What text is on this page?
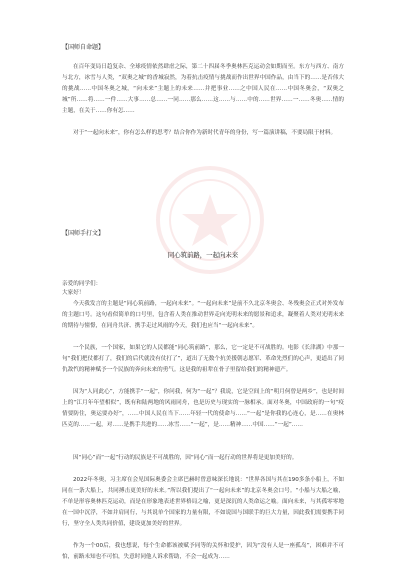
【国师自命题】

在百年变局日趋复杂、全球疫情依然肆虐之际，第二十四届冬季奥林匹克运动会如期而至。东方与西方、南方与北方，冰雪与人类，“双奥之城”的香城寂然，为着抗击疫情与挑战而作出世界中国作品，由当下的……是否伟大的挑战……中国冬奥之城，“向未来”主题上的未来……并把事业……之中国人民在……中国冬奥会，“双奥之城”所……将……一件……大事……总……一同……那么……这……与……中的……世界……一……冬奥……情的主题，在关于……你有怎……

对于“一起向未来”，你有怎么样的思考？结合你作为新时代青年的身份，写一篇演讲稿，不要局限于材料。

【国师手打文】
同心筑前路，一起向未来
亲爱的同学们：
大家好！

今天我发言的主题是“同心筑前路，一起向未来”。“一起向未来”是前不久北京冬奥会、冬残奥会正式对外发布的主题口号。这句看似简单的口号里，包含着人类在推动世界走向光明未来的愿景和追求，凝聚着人类对光明未来的期待与憧憬，在同舟共济、携手走过风雨的今天，我们也应当“一起向未来”。

一个民族，一个国家，如果它的人民都能“同心筑前路”，那么，它一定是不可战胜的。电影《长津湖》中那一句“我们把仗都打了，我们的后代就没有仗打了”，道出了无数个抗美援朝志愿军、革命先烈们的心声，更道出了同仇敌忾的精神赋予一个民族的奔向未来的勇气。这是我的祖辈在骨子里留给我们的精神遗产。

因为“人同此心”，方能携手“一起”，你问我，何为“一起”？我说，它是空间上的“明月何曾是两乡”，也是时间上的“江月年年望相似”，既有和陆两地的风雨同舟，也是历史与现实的一脉相承。面对冬奥，中国政府的一句“疫情要防住，奥运要办好”，……中国人民在当下……年轻一代的使命与……“一起”是你我的心连心，是……在奥林匹克的……一起，对……是携手共进的……冰雪……“一起”，是……精神……中国……“一起”……

因“同心”而“一起”行动的民族是不可战胜的，因“同心”而一起行动的世界将是更加美好的。

2022年冬奥，习主席在会见国际奥委会主席巴赫时曾意味深长地说：“世界各国与其在190多条小船上，不如同在一条大船上，共同搏击更美好的未来。”所以我们提出了“一起向未来”的北京冬奥会口号。“小船与大船之喻，不单是形容奥林匹克运动，而是在形象地表述世界格局之喻，更是深沉的人类命运之喻。面向未来，与其孤零零地在一国中沉浮，不如并肩同行，与其说单个国家的力量有限，不如说国与国联手的巨大力量，因此我们需要携手同行，坚守全人类共同价值，建设更加美好的世界。

作为一个00后，我也想说，每个生命都该被赋予同等的关怀和爱护，因为“没有人是一座孤岛”，困难并不可怕，前路未知也不可怕，失意时同他人诉求帮助，不会一起成为……
